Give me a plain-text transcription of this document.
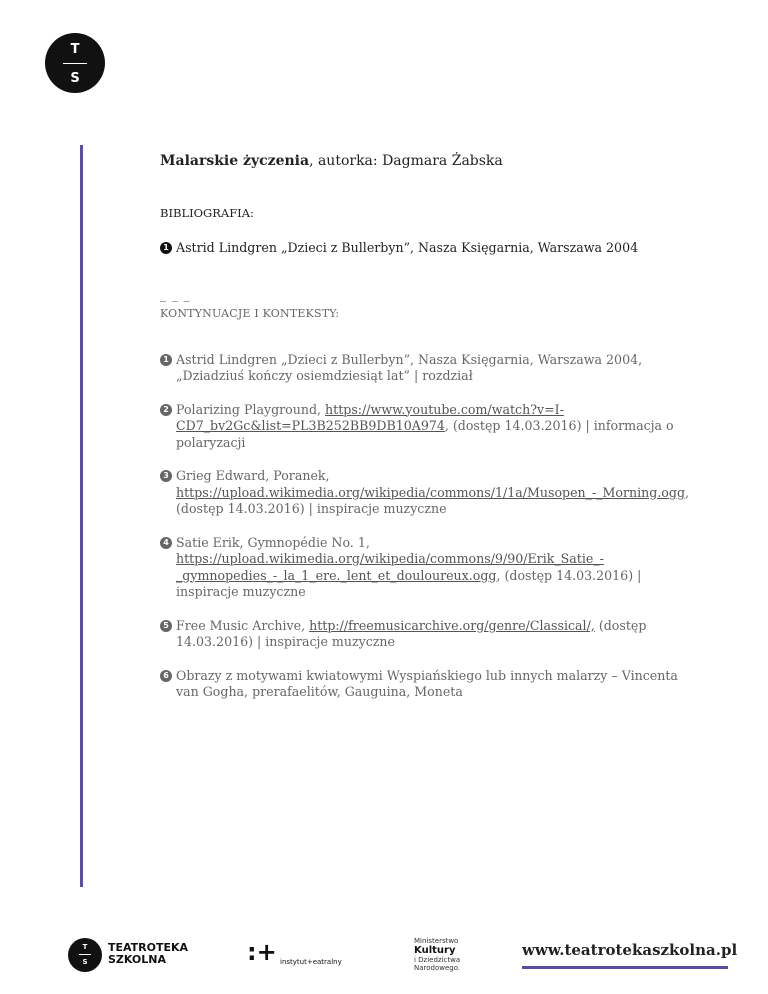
T
S
Malarskie życzenia, autorka: Dagmara Żabska
BIBLIOGRAFIA:
1 Astrid Lindgren „Dzieci z Bullerbyn”, Nasza Księgarnia, Warszawa 2004
_ _ _
KONTYNUACJE I KONTEKSTY:
1 Astrid Lindgren „Dzieci z Bullerbyn”, Nasza Księgarnia, Warszawa 2004, „Dziadziuś kończy osiemdziesiąt lat” | rozdział
2 Polarizing Playground, https://www.youtube.com/watch?v=I-CD7_bv2Gc&list=PL3B252BB9DB10A974, (dostęp 14.03.2016) | informacja o polaryzacji
3 Grieg Edward, Poranek, https://upload.wikimedia.org/wikipedia/commons/1/1a/Musopen_-_Morning.ogg, (dostęp 14.03.2016) | inspiracje muzyczne
4 Satie Erik, Gymnopédie No. 1, https://upload.wikimedia.org/wikipedia/commons/9/90/Erik_Satie_-_gymnopedies_-_la_1_ere._lent_et_douloureux.ogg, (dostęp 14.03.2016) | inspiracje muzyczne
5 Free Music Archive, http://freemusicarchive.org/genre/Classical/, (dostęp 14.03.2016) | inspiracje muzyczne
6 Obrazy z motywami kwiatowymi Wyspiańskiego lub innych malarzy – Vincenta van Gogha, prerafaelitów, Gauguina, Moneta
T
S
TEATROTEKA
SZKOLNA	:+ instytut+eatralny
Ministerstwo
Kultury
i Dziedzictwa
Narodowego.
www.teatrotekaszkolna.pl
